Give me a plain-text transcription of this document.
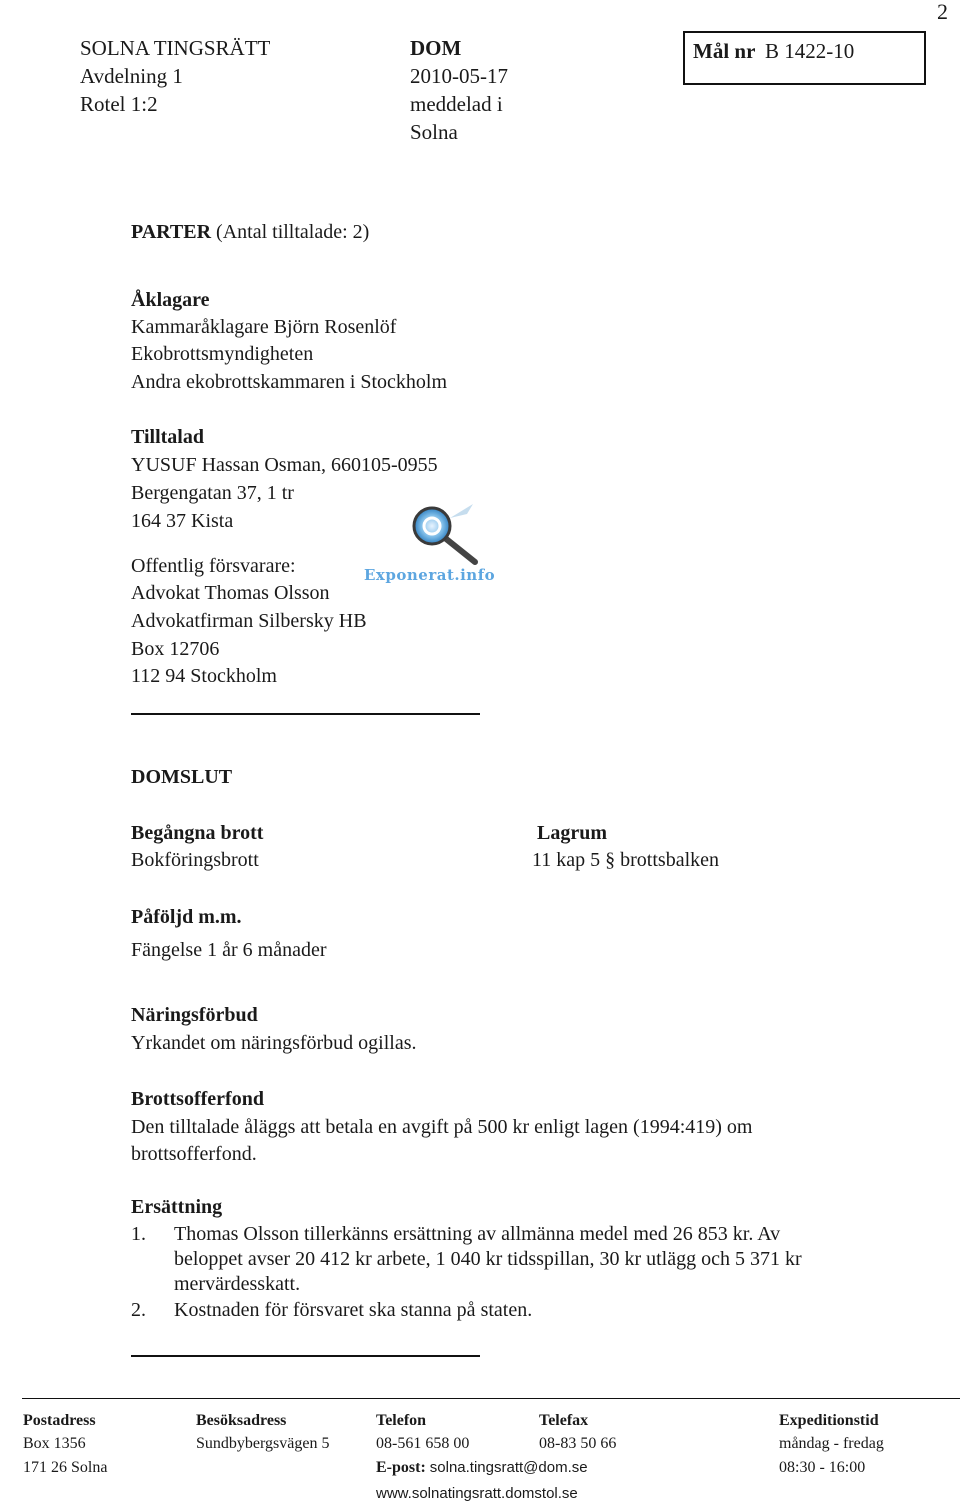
2
SOLNA TINGSRÄTT
Avdelning 1
Rotel 1:2
DOM
2010-05-17
meddelad i
Solna
Mål nr B 1422-10
PARTER (Antal tilltalade: 2)
Åklagare
Kammaråklagare Björn Rosenlöf
Ekobrottsmyndigheten
Andra ekobrottskammaren i Stockholm
Tilltalad
YUSUF Hassan Osman, 660105-0955
Bergengatan 37, 1 tr
164 37 Kista
Offentlig försvarare:
Advokat Thomas Olsson
Advokatfirman Silbersky HB
Box 12706
112 94 Stockholm
Exponerat.info
DOMSLUT
Begångna brott
Bokföringsbrott
Lagrum
11 kap 5 § brottsbalken
Påföljd m.m.
Fängelse 1 år 6 månader
Näringsförbud
Yrkandet om näringsförbud ogillas.
Brottsofferfond
Den tilltalade åläggs att betala en avgift på 500 kr enligt lagen (1994:419) om
brottsofferfond.
Ersättning
1. Thomas Olsson tillerkänns ersättning av allmänna medel med 26 853 kr. Av
beloppet avser 20 412 kr arbete, 1 040 kr tidsspillan, 30 kr utlägg och 5 371 kr
mervärdesskatt.
2. Kostnaden för försvaret ska stanna på staten.
Postadress
Box 1356
171 26 Solna
Besöksadress
Sundbybergsvägen 5
Telefon
08-561 658 00
E-post: solna.tingsratt@dom.se
www.solnatingsratt.domstol.se
Telefax
08-83 50 66
Expeditionstid
måndag - fredag
08:30 - 16:00
